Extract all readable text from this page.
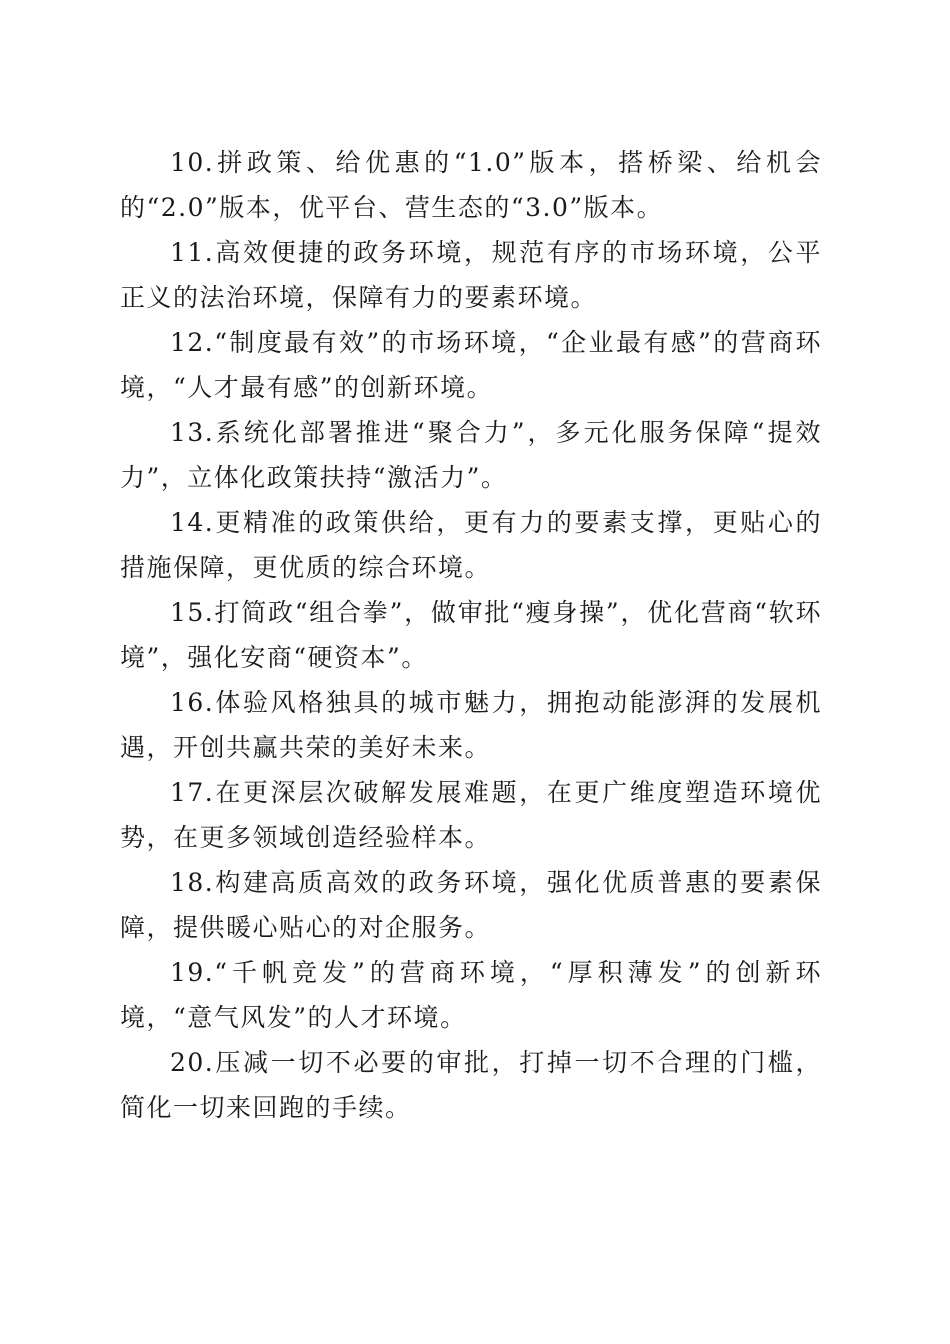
10.拼政策、给优惠的“1.0”版本，搭桥梁、给机会的“2.0”版本，优平台、营生态的“3.0”版本。

11.高效便捷的政务环境，规范有序的市场环境，公平正义的法治环境，保障有力的要素环境。

12.“制度最有效”的市场环境，“企业最有感”的营商环境，“人才最有感”的创新环境。

13.系统化部署推进“聚合力”，多元化服务保障“提效力”，立体化政策扶持“激活力”。

14.更精准的政策供给，更有力的要素支撑，更贴心的措施保障，更优质的综合环境。

15.打简政“组合拳”，做审批“瘦身操”，优化营商“软环境”，强化安商“硬资本”。

16.体验风格独具的城市魅力，拥抱动能澎湃的发展机遇，开创共赢共荣的美好未来。

17.在更深层次破解发展难题，在更广维度塑造环境优势，在更多领域创造经验样本。

18.构建高质高效的政务环境，强化优质普惠的要素保障，提供暖心贴心的对企服务。

19.“千帆竞发”的营商环境，“厚积薄发”的创新环境，“意气风发”的人才环境。

20.压减一切不必要的审批，打掉一切不合理的门槛，简化一切来回跑的手续。
